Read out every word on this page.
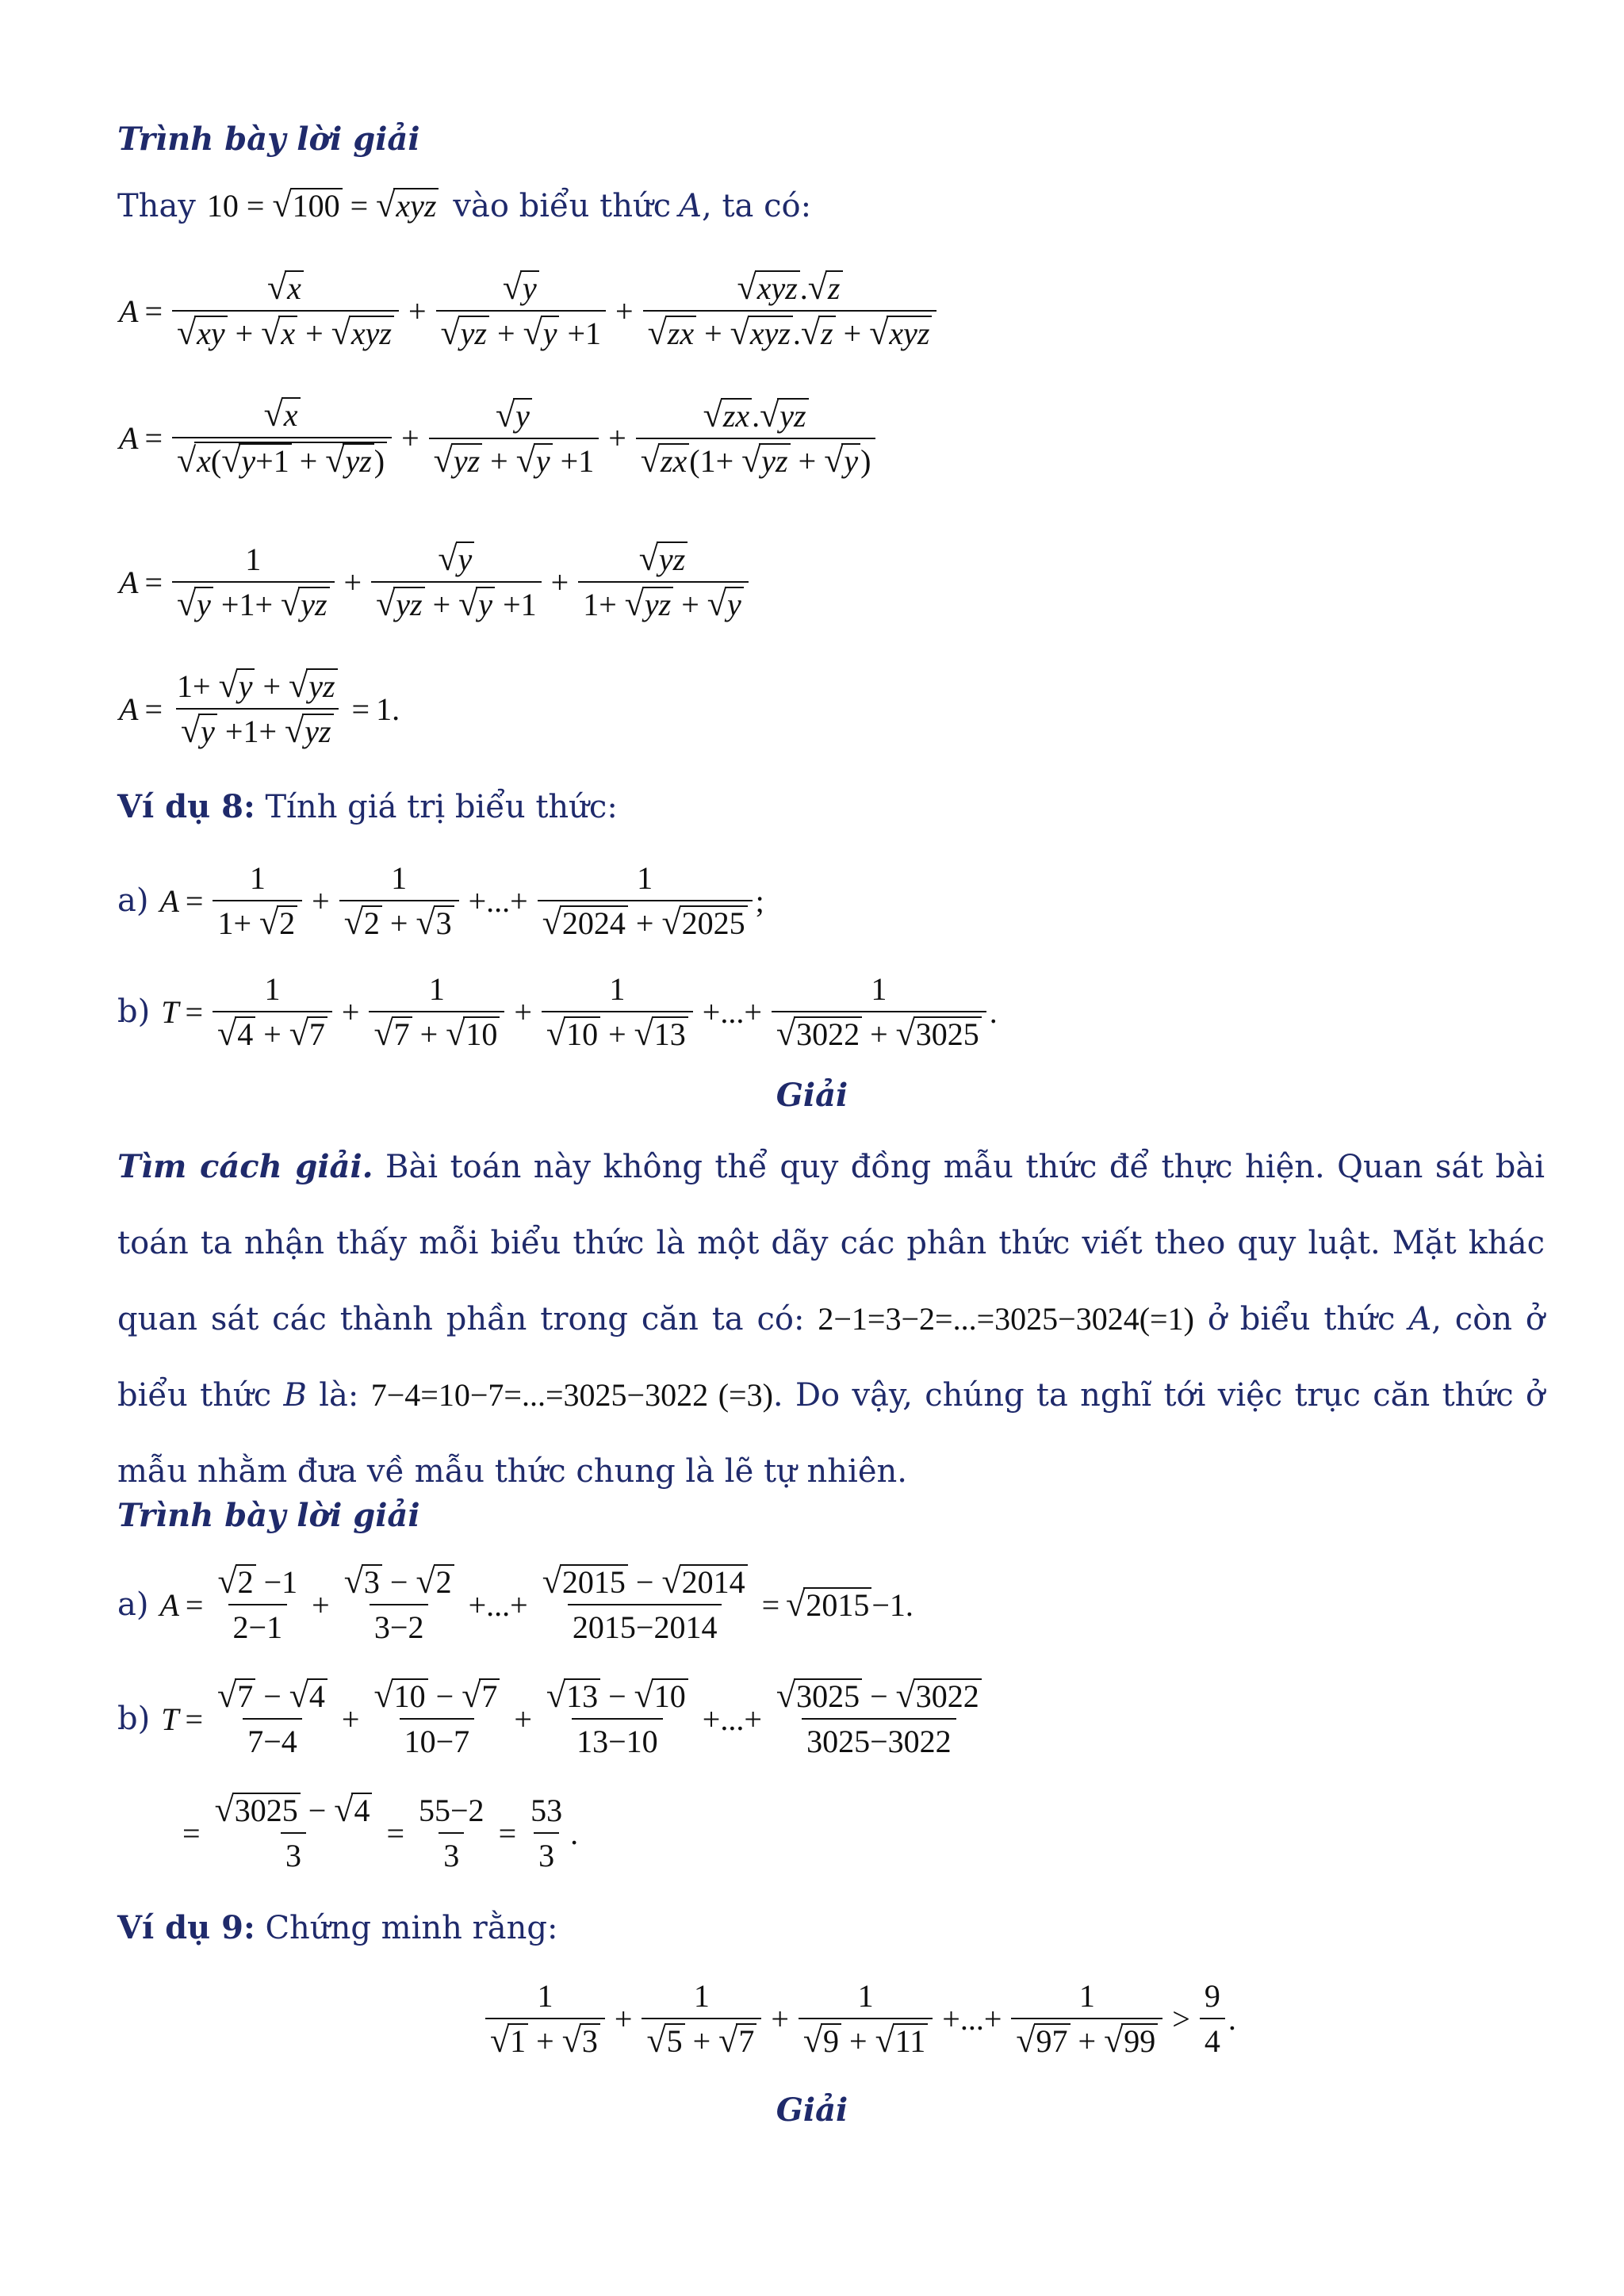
Trình bày lời giải
Thay 10 = √ 100 = √ xyz vào biểu thức A , ta có:
$A = \frac{√ x}{\text{√ xy + √ x + √ xyz}} + \frac{√ y}{√ yz + √ y +1} + \frac{\text{√ xyz . √ z}}{\text{√ zx + √ xyz . √ z + √ xyz}}$
$A = \frac{√ x}{√ x( √ y+1 + √ yz )} + \frac{√ y}{√ yz + √ y +1} + \frac{√ zx . √ yz}{√ zx (1+ √ yz + √ y )}$
$A = \frac{1}{√ y +1+ √ yz} + \frac{√ y}{√ yz + √ y +1} + \frac{√ yz}{1+ √ yz + √ y}$
$A = \frac{1+ √ y + √ yz}{√ y +1+ √ yz} = 1$.
Ví dụ 8: Tính giá trị biểu thức:
a) $A = \frac{1}{1+ √ 2} + \frac{1}{√ 2 + √ 3}$ +...+ $\frac{1}{√ 2024 + √ 2025}$ ;
b) $T = \frac{1}{√ 4 + √ 7} + \frac{1}{√ 7 + √ 10} + \frac{1}{√ 10 + √ 13}$ +...+ $\frac{1}{√ 3022 + √ 3025}$ .
Giải
Tìm cách giải. Bài toán này không thể quy đồng mẫu thức để thực hiện. Quan sát bài toán ta nhận thấy mỗi biểu thức là một dãy các phân thức viết theo quy luật. Mặt khác quan sát các thành phần trong căn ta có: 2−1=3−2=...=3025−3024(=1) ở biểu thức A, còn ở biểu thức B là: 7−4=10−7=...=3025−3022 (=3). Do vậy, chúng ta nghĩ tới việc trục căn thức ở mẫu nhằm đưa về mẫu thức chung là lẽ tự nhiên.
Trình bày lời giải
a) $A = \frac{√ 2 -1}{2-1} + \frac{√ 3 - √ 2}{3-2}$ +...+ $\frac{√ 2015 - √ 2014}{2015-2014}$ = √ 2015 −1.
b) $T = \frac{√ 7 - √ 4}{7-4} + \frac{√ 10 - √ 7}{10-7} + \frac{√ 13 - √ 10}{13-10}$ +...+ $\frac{√ 3025 - √ 3022}{3025-3022}$
= $\frac{√ 3025 - √ 4}{3} = \frac{55-2}{3} = \frac{53}{3}$ .
Ví dụ 9: Chứng minh rằng:
$\frac{1}{√ 1 + √ 3} + \frac{1}{√ 5 + √ 7} + \frac{1}{√ 9 + √ 11}$ +...+ $\frac{1}{√ 97 + √ 99} > \frac{9}{4}$ .
Giải
